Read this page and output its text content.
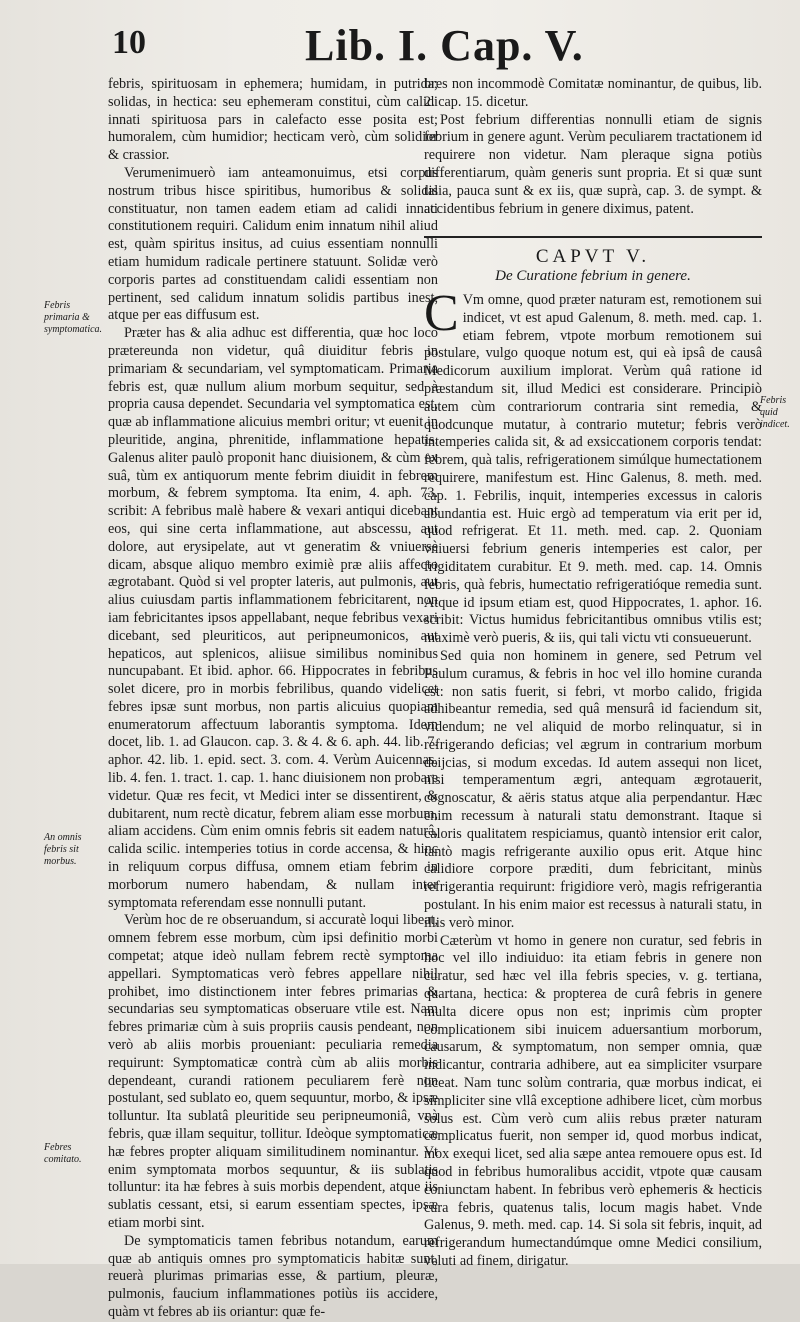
10	Lib. I. Cap. V.
Febris primaria & symptomatica.
An omnis febris sit morbus.
Febres comitato.
Febris quid indicet.

febris, spirituosam in ephemera; humidam, in putrida; solidas, in hectica: seu ephemeram constitui, cùm calidi innati spirituosa pars in calefacto esse posita est; humoralem, cùm humidior; hecticam verò, cùm solidior & crassior.

Verumenimuerò iam anteamonuimus, etsi corpus nostrum tribus hisce spiritibus, humoribus & solidis constituatur, non tamen eadem etiam ad calidi innati constitutionem requiri. Calidum enim innatum nihil aliud est, quàm spiritus insitus, ad cuius essentiam nonnulli etiam humidum radicale pertinere statuunt. Solidæ verò corporis partes ad constituendam calidi essentiam non pertinent, sed calidum innatum solidis partibus inest, atque per eas diffusum est.

Præter has & alia adhuc est differentia, quæ hoc loco prætereunda non videtur, quâ diuiditur febris in primariam & secundariam, vel symptomaticam. Primaria febris est, quæ nullum alium morbum sequitur, sed à propria causa dependet. Secundaria vel symptomatica est, quæ ab inflammatione alicuius membri oritur; vt euenit in pleuritide, angina, phrenitide, inflammatione hepatis. Galenus aliter paulò proponit hanc diuisionem, & cùm ex suâ, tùm ex antiquorum mente febrim diuidit in febrem morbum, & febrem symptoma. Ita enim, 4. aph. 73. scribit: A febribus malè habere & vexari antiqui dicebant eos, qui sine certa inflammatione, aut abscessu, aut dolore, aut erysipelate, aut vt generatim & vniuersè dicam, absque aliquo membro eximiè præ aliis affecto ægrotabant. Quòd si vel propter lateris, aut pulmonis, aut alius cuiusdam partis inflammationem febricitarent, non iam febricitantes ipsos appellabant, neque febribus vexari dicebant, sed pleuriticos, aut peripneumonicos, aut hepaticos, aut splenicos, aliisue similibus nominibus nuncupabant. Et ibid. aphor. 66. Hippocrates in febribus solet dicere, pro in morbis febrilibus, quando videlicet febres ipsæ sunt morbus, non partis alicuius quopiam enumeratorum affectuum laborantis symptoma. Idem docet, lib. 1. ad Glaucon. cap. 3. & 4. & 6. aph. 44. lib. 7. aphor. 42. lib. 1. epid. sect. 3. com. 4. Verùm Auicennas, lib. 4. fen. 1. tract. 1. cap. 1. hanc diuisionem non probare videtur. Quæ res fecit, vt Medici inter se dissentirent, & dubitarent, num rectè dicatur, febrem aliam esse morbum, aliam accidens. Cùm enim omnis febris sit eadem naturâ, calida scilic. intemperies totius in corde accensa, & hinc in reliquum corpus diffusa, omnem etiam febrim in morborum numero habendam, & nullam inter symptomata referendam esse nonnulli putant.

Verùm hoc de re obseruandum, si accuratè loqui libeat, omnem febrem esse morbum, cùm ipsi definitio morbi competat; atque ideò nullam febrem rectè symptoma appellari. Symptomaticas verò febres appellare nihil prohibet, imo distinctionem inter febres primarias & secundarias seu symptomaticas obseruare vtile est. Nam febres primariæ cùm à suis propriis causis pendeant, non verò ab aliis morbis proueniant: peculiaria remedia requirunt: Symptomaticæ contrà cùm ab aliis morbis dependeant, curandi rationem peculiarem ferè non postulant, sed sublato eo, quem sequuntur, morbo, & ipsæ tolluntur. Ita sublatâ pleuritide seu peripneumoniâ, vnà febris, quæ illam sequitur, tollitur. Ideòque symptomaticæ hæ febres propter aliquam similitudinem nominantur. Vt enim symptomata morbos sequuntur, & iis sublatis tolluntur: ita hæ febres à suis morbis dependent, atque iis sublatis cessant, etsi, si earum essentiam spectes, ipsæ etiam morbi sint.

De symptomaticis tamen febribus notandum, earum quæ ab antiquis omnes pro symptomaticis habitæ sunt, reuerà plurimas primarias esse, & partium, pleuræ, pulmonis, faucium inflammationes potiùs iis accidere, quàm vt febres ab iis oriantur: quæ fe-

bres non incommodè Comitatæ nominantur, de quibus, lib. 2. cap. 15. dicetur.

Post febrium differentias nonnulli etiam de signis febrium in genere agunt. Verùm peculiarem tractationem id requirere non videtur. Nam pleraque signa potiùs differentiarum, quàm generis sunt propria. Et si quæ sunt talia, pauca sunt & ex iis, quæ suprà, cap. 3. de sympt. & accidentibus febrium in genere diximus, patent.

CAPVT V.
De Curatione febrium in genere.

C Vm omne, quod præter naturam est, remotionem sui indicet, vt est apud Galenum, 8. meth. med. cap. 1. etiam febrem, vtpote morbum remotionem sui postulare, vulgo quoque notum est, qui eà ipsâ de causâ Medicorum auxilium implorat. Verùm quâ ratione id præstandum sit, illud Medici est considerare. Principiò autem cùm contrariorum contraria sint remedia, & quodcunque mutatur, à contrario mutetur; febris verò intemperies calida sit, & ad exsiccationem corporis tendat: febrem, quà talis, refrigerationem simúlque humectationem requirere, manifestum est. Hinc Galenus, 8. meth. med. cap. 1. Febrilis, inquit, intemperies excessus in caloris abundantia est. Huic ergò ad temperatum via erit per id, quod refrigerat. Et 11. meth. med. cap. 2. Quoniam vniuersi febrium generis intemperies est calor, per frigiditatem curabitur. Et 9. meth. med. cap. 14. Omnis febris, quà febris, humectatio refrigeratióque remedia sunt. Atque id ipsum etiam est, quod Hippocrates, 1. aphor. 16. scribit: Victus humidus febricitantibus omnibus vtilis est; maximè verò pueris, & iis, qui tali victu vti consueuerunt.

Sed quia non hominem in genere, sed Petrum vel Paulum curamus, & febris in hoc vel illo homine curanda est: non satis fuerit, si febri, vt morbo calido, frigida adhibeantur remedia, sed quâ mensurâ id faciendum sit, videndum; ne vel aliquid de morbo relinquatur, si in refrigerando deficias; vel ægrum in contrarium morbum deijcias, si modum excedas. Id autem assequi non licet, nisi temperamentum ægri, antequam ægrotauerit, cognoscatur, & aëris status atque alia perpendantur. Hæc enim recessum à naturali statu demonstrant. Itaque si caloris qualitatem respiciamus, quantò intensior erit calor, tantò magis refrigerante auxilio opus erit. Atque hinc calidiore corpore præditi, dum febricitant, minùs refrigerantia requirunt: frigidiore verò, magis refrigerantia postulant. In his enim maior est recessus à naturali statu, in illis verò minor.

Cæterùm vt homo in genere non curatur, sed febris in hoc vel illo indiuiduo: ita etiam febris in genere non curatur, sed hæc vel illa febris species, v. g. tertiana, quartana, hectica: & propterea de curâ febris in genere multa dicere opus non est; inprimis cùm propter complicationem sibi inuicem aduersantium morborum, causarum, & symptomatum, non semper omnia, quæ indicantur, contraria adhibere, aut ea simpliciter vsurpare liceat. Nam tunc solùm contraria, quæ morbus indicat, ei simpliciter sine vllâ exceptione adhibere licet, cùm morbus solus est. Cùm verò cum aliis rebus præter naturam complicatus fuerit, non semper id, quod morbus indicat, mox exequi licet, sed alia sæpe antea remouere opus est. Id quod in febribus humoralibus accidit, vtpote quæ causam coniunctam habent. In febribus verò ephemeris & hecticis cura febris, quatenus talis, locum magis habet. Vnde Galenus, 9. meth. med. cap. 14. Si sola sit febris, inquit, ad refrigerandum humectandúmque omne Medici consilium, veluti ad finem, dirigatur.
